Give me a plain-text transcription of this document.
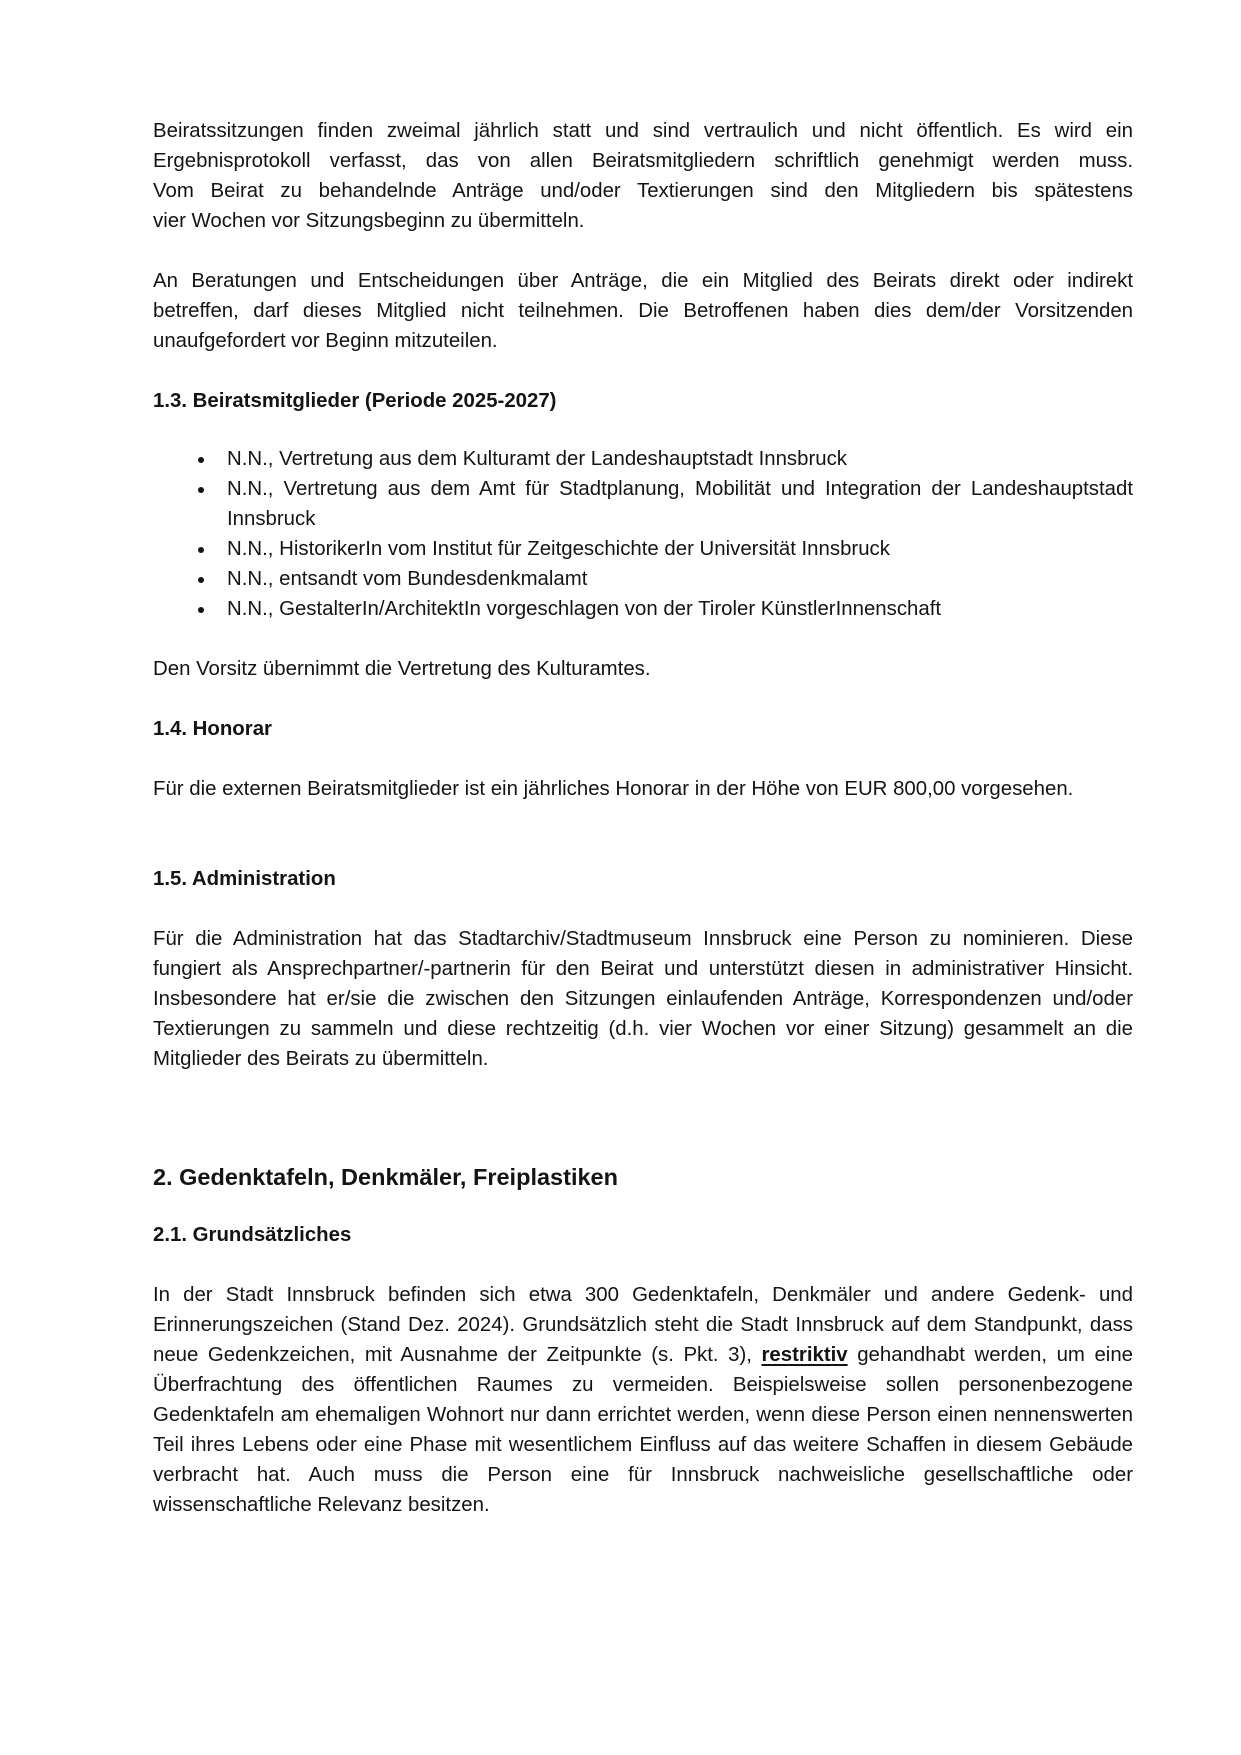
Beiratssitzungen finden zweimal jährlich statt und sind vertraulich und nicht öffentlich. Es wird ein
Ergebnisprotokoll verfasst, das von allen Beiratsmitgliedern schriftlich genehmigt werden muss.
Vom Beirat zu behandelnde Anträge und/oder Textierungen sind den Mitgliedern bis spätestens
vier Wochen vor Sitzungsbeginn zu übermitteln.

An Beratungen und Entscheidungen über Anträge, die ein Mitglied des Beirats direkt oder indirekt
betreffen, darf dieses Mitglied nicht teilnehmen. Die Betroffenen haben dies dem/der Vorsitzenden
unaufgefordert vor Beginn mitzuteilen.

1.3. Beiratsmitglieder (Periode 2025-2027)
N.N., Vertretung aus dem Kulturamt der Landeshauptstadt Innsbruck
N.N., Vertretung aus dem Amt für Stadtplanung, Mobilität und Integration der Landeshauptstadt Innsbruck
N.N., HistorikerIn vom Institut für Zeitgeschichte der Universität Innsbruck
N.N., entsandt vom Bundesdenkmalamt
N.N., GestalterIn/ArchitektIn vorgeschlagen von der Tiroler KünstlerInnenschaft

Den Vorsitz übernimmt die Vertretung des Kulturamtes.

1.4. Honorar

Für die externen Beiratsmitglieder ist ein jährliches Honorar in der Höhe von EUR 800,00 vorgesehen.

1.5. Administration

Für die Administration hat das Stadtarchiv/Stadtmuseum Innsbruck eine Person zu nominieren. Diese fungiert als Ansprechpartner/-partnerin für den Beirat und unterstützt diesen in administrativer Hinsicht. Insbesondere hat er/sie die zwischen den Sitzungen einlaufenden Anträge, Korrespondenzen und/oder Textierungen zu sammeln und diese rechtzeitig (d.h. vier Wochen vor einer Sitzung) gesammelt an die Mitglieder des Beirats zu übermitteln.

2. Gedenktafeln, Denkmäler, Freiplastiken
2.1. Grundsätzliches

In der Stadt Innsbruck befinden sich etwa 300 Gedenktafeln, Denkmäler und andere Gedenk- und Erinnerungszeichen (Stand Dez. 2024). Grundsätzlich steht die Stadt Innsbruck auf dem Standpunkt, dass neue Gedenkzeichen, mit Ausnahme der Zeitpunkte (s. Pkt. 3), restriktiv gehandhabt werden, um eine Überfrachtung des öffentlichen Raumes zu vermeiden. Beispielsweise sollen personenbezogene Gedenktafeln am ehemaligen Wohnort nur dann errichtet werden, wenn diese Person einen nennenswerten Teil ihres Lebens oder eine Phase mit wesentlichem Einfluss auf das weitere Schaffen in diesem Gebäude verbracht hat. Auch muss die Person eine für Innsbruck nachweisliche gesellschaftliche oder wissenschaftliche Relevanz besitzen.
